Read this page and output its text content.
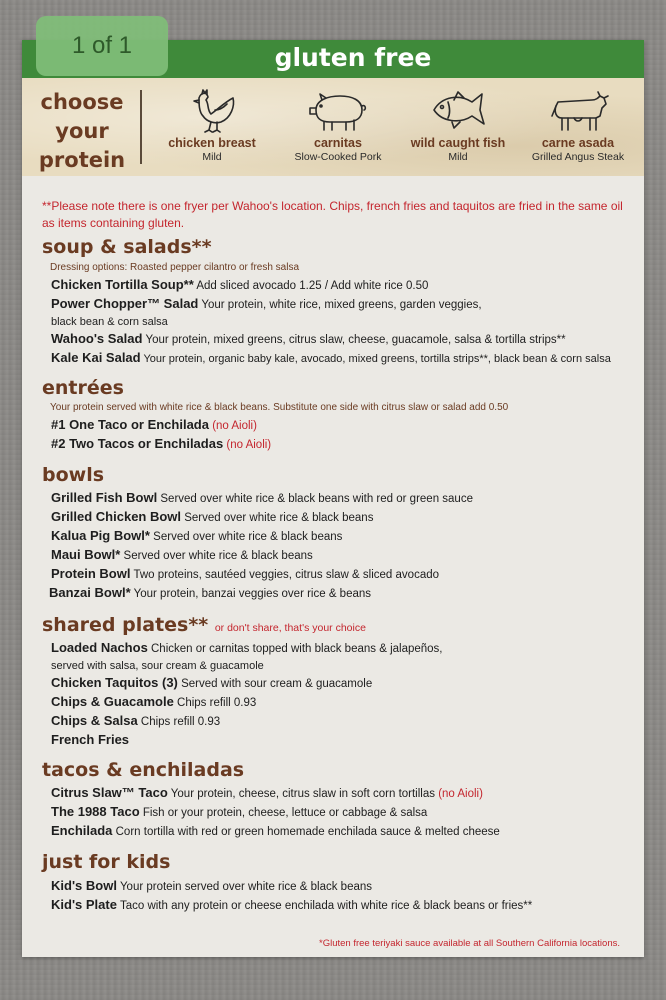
gluten free
choose
your
protein
chicken breast
Mild
carnitas
Slow-Cooked Pork
wild caught fish
Mild
carne asada
Grilled Angus Steak
**Please note there is one fryer per Wahoo's location. Chips, french fries and taquitos are fried in the same oil as items containing gluten.
soup & salads**
Dressing options: Roasted pepper cilantro or fresh salsa
Chicken Tortilla Soup** Add sliced avocado 1.25 / Add white rice 0.50
Power Chopper™ Salad Your protein, white rice, mixed greens, garden veggies,
black bean & corn salsa
Wahoo's Salad Your protein, mixed greens, citrus slaw, cheese, guacamole, salsa & tortilla strips**
Kale Kai Salad Your protein, organic baby kale, avocado, mixed greens, tortilla strips**, black bean & corn salsa
entrées
Your protein served with white rice & black beans. Substitute one side with citrus slaw or salad add 0.50
#1 One Taco or Enchilada (no Aioli)
#2 Two Tacos or Enchiladas (no Aioli)
bowls
Grilled Fish Bowl Served over white rice & black beans with red or green sauce
Grilled Chicken Bowl Served over white rice & black beans
Kalua Pig Bowl* Served over white rice & black beans
Maui Bowl* Served over white rice & black beans
Protein Bowl Two proteins, sautéed veggies, citrus slaw & sliced avocado
Banzai Bowl* Your protein, banzai veggies over rice & beans
shared plates** or don't share, that's your choice
Loaded Nachos Chicken or carnitas topped with black beans & jalapeños,
served with salsa, sour cream & guacamole
Chicken Taquitos (3) Served with sour cream & guacamole
Chips & Guacamole Chips refill 0.93
Chips & Salsa Chips refill 0.93
French Fries
tacos & enchiladas
Citrus Slaw™ Taco Your protein, cheese, citrus slaw in soft corn tortillas (no Aioli)
The 1988 Taco Fish or your protein, cheese, lettuce or cabbage & salsa
Enchilada Corn tortilla with red or green homemade enchilada sauce & melted cheese
just for kids
Kid's Bowl Your protein served over white rice & black beans
Kid's Plate Taco with any protein or cheese enchilada with white rice & black beans or fries**
*Gluten free teriyaki sauce available at all Southern California locations.
1 of 1
